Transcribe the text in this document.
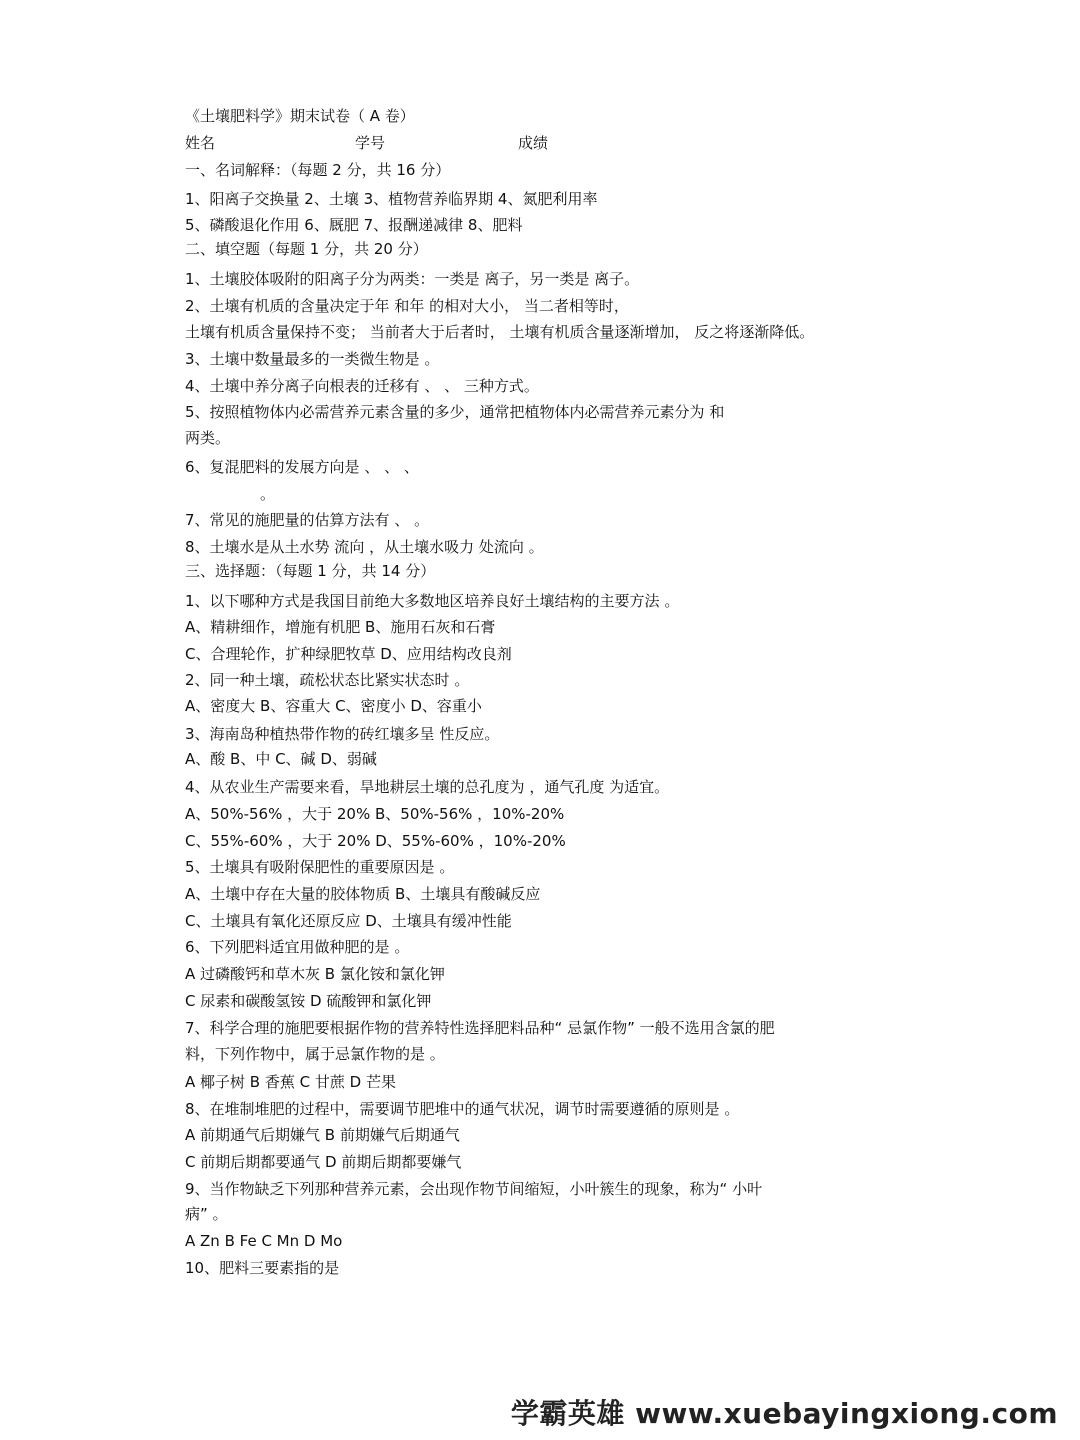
《土壤肥料学》期末试卷（ A 卷）
姓名	学号	成绩
一、名词解释：（每题 2 分，共 16 分）
1、阳离子交换量 2、土壤 3、植物营养临界期 4、氮肥利用率
5、磷酸退化作用 6、厩肥 7、报酬递减律 8、肥料
二、填空题（每题 1 分，共 20 分）
1、土壤胶体吸附的阳离子分为两类：一类是 离子，另一类是 离子。
2、土壤有机质的含量决定于年 和年 的相对大小， 当二者相等时，
土壤有机质含量保持不变； 当前者大于后者时， 土壤有机质含量逐渐增加， 反之将逐渐降低。
3、土壤中数量最多的一类微生物是 。
4、土壤中养分离子向根表的迁移有 、 、 三种方式。
5、按照植物体内必需营养元素含量的多少，通常把植物体内必需营养元素分为 和
两类。
6、复混肥料的发展方向是 、 、 、
。
7、常见的施肥量的估算方法有 、 。
8、土壤水是从土水势 流向 ，从土壤水吸力 处流向 。
三、选择题：（每题 1 分，共 14 分）
1、以下哪种方式是我国目前绝大多数地区培养良好土壤结构的主要方法 。
A、精耕细作，增施有机肥 B、施用石灰和石膏
C、合理轮作，扩种绿肥牧草 D、应用结构改良剂
2、同一种土壤，疏松状态比紧实状态时 。
A、密度大 B、容重大 C、密度小 D、容重小
3、海南岛种植热带作物的砖红壤多呈 性反应。
A、酸 B、中 C、碱 D、弱碱
4、从农业生产需要来看，旱地耕层土壤的总孔度为 ，通气孔度 为适宜。
A、50%-56% ，大于 20% B、50%-56% ，10%-20%
C、55%-60% ，大于 20% D、55%-60% ，10%-20%
5、土壤具有吸附保肥性的重要原因是 。
A、土壤中存在大量的胶体物质 B、土壤具有酸碱反应
C、土壤具有氧化还原反应 D、土壤具有缓冲性能
6、下列肥料适宜用做种肥的是 。
A 过磷酸钙和草木灰 B 氯化铵和氯化钾
C 尿素和碳酸氢铵 D 硫酸钾和氯化钾
7、科学合理的施肥要根据作物的营养特性选择肥料品种“ 忌氯作物” 一般不选用含氯的肥
料，下列作物中，属于忌氯作物的是 。
A 椰子树 B 香蕉 C 甘蔗 D 芒果
8、在堆制堆肥的过程中，需要调节肥堆中的通气状况，调节时需要遵循的原则是 。
A 前期通气后期嫌气 B 前期嫌气后期通气
C 前期后期都要通气 D 前期后期都要嫌气
9、当作物缺乏下列那种营养元素，会出现作物节间缩短，小叶簇生的现象，称为“ 小叶
病” 。
A Zn B Fe C Mn D Mo
10、肥料三要素指的是
学霸英雄 www.xuebayingxiong.com
